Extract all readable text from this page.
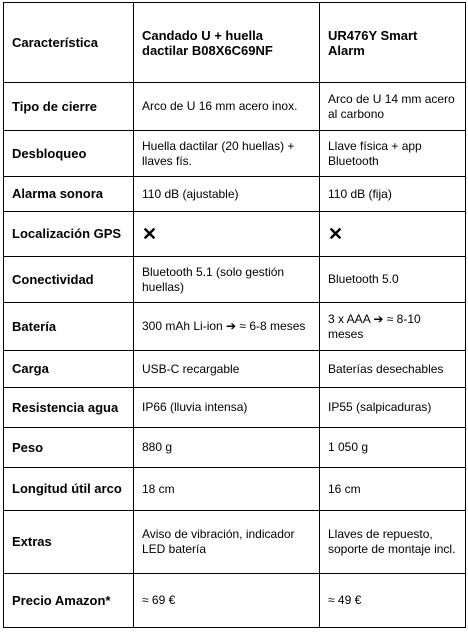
Característica	Candado U + huella dactilar B08X6C69NF	UR476Y Smart Alarm
Tipo de cierre	Arco de U 16 mm acero inox.	Arco de U 14 mm acero al carbono
Desbloqueo	Huella dactilar (20 huellas) + llaves fís.	Llave física + app Bluetooth
Alarma sonora	110 dB (ajustable)	110 dB (fija)
Localización GPS	✕	✕
Conectividad	Bluetooth 5.1 (solo gestión huellas)	Bluetooth 5.0
Batería	300 mAh Li-ion ➔ ≈ 6-8 meses	3 x AAA ➔ ≈ 8-10 meses
Carga	USB-C recargable	Baterías desechables
Resistencia agua	IP66 (lluvia intensa)	IP55 (salpicaduras)
Peso	880 g	1 050 g
Longitud útil arco	18 cm	16 cm
Extras	Aviso de vibración, indicador LED batería	Llaves de repuesto, soporte de montaje incl.
Precio Amazon*	≈ 69 €	≈ 49 €
